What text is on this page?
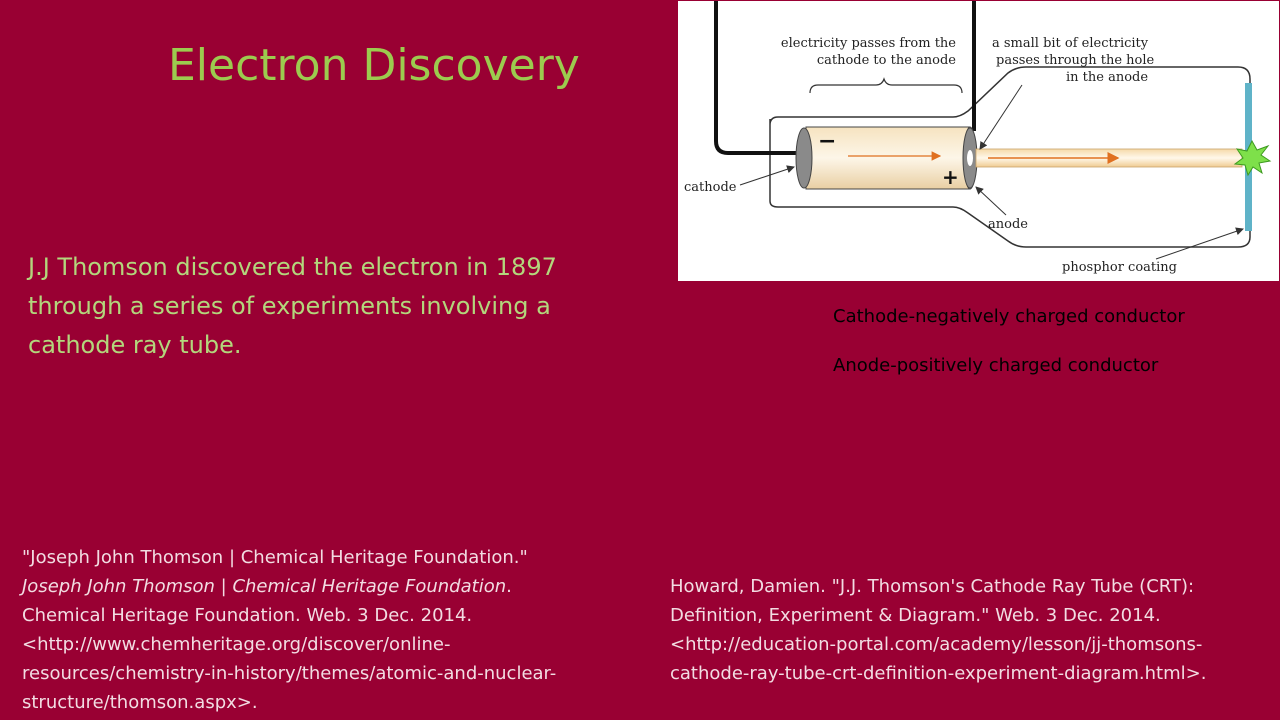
Electron Discovery

J.J Thomson discovered the electron in 1897 through a series of experiments involving a cathode ray tube.

−
+
electricity passes from the
cathode to the anode
a small bit of electricity
passes through the hole
in the anode
cathode
anode
phosphor coating
Cathode-negatively charged conductor
Anode-positively charged conductor
"Joseph John Thomson | Chemical Heritage Foundation."
Joseph John Thomson | Chemical Heritage Foundation.
Chemical Heritage Foundation. Web. 3 Dec. 2014.
<http://www.chemheritage.org/discover/online-
resources/chemistry-in-history/themes/atomic-and-nuclear-
structure/thomson.aspx>.
Howard, Damien. "J.J. Thomson's Cathode Ray Tube (CRT):
Definition, Experiment & Diagram." Web. 3 Dec. 2014.
<http://education-portal.com/academy/lesson/jj-thomsons-
cathode-ray-tube-crt-definition-experiment-diagram.html>.
